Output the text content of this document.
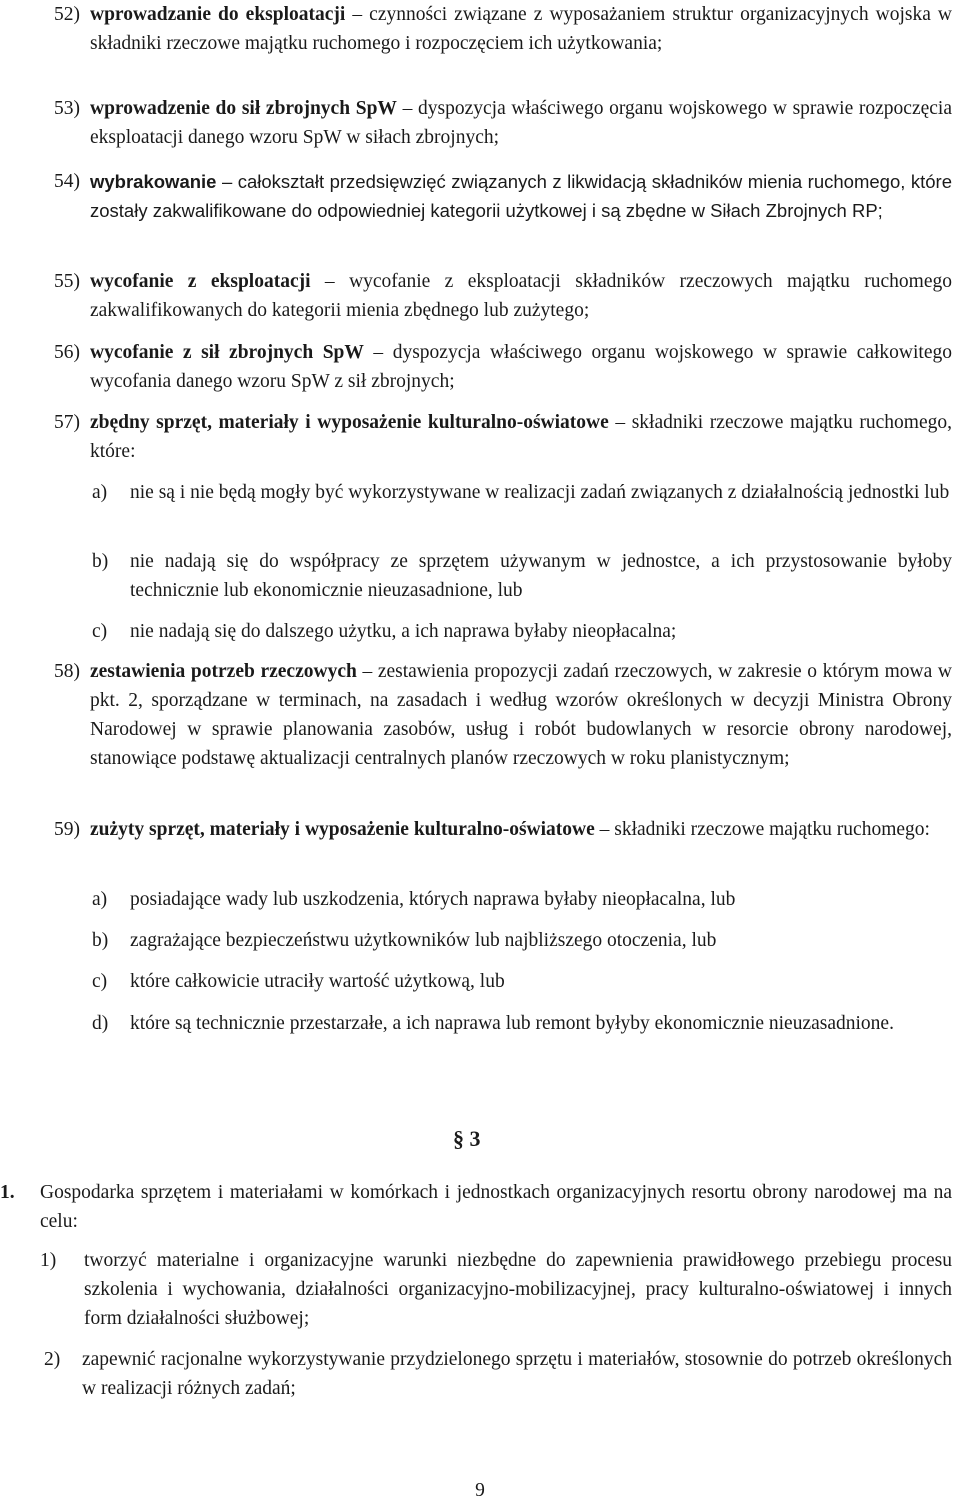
52) wprowadzanie do eksploatacji – czynności związane z wyposażaniem struktur organizacyjnych wojska w składniki rzeczowe majątku ruchomego i rozpoczęciem ich użytkowania;
53) wprowadzenie do sił zbrojnych SpW – dyspozycja właściwego organu wojskowego w sprawie rozpoczęcia eksploatacji danego wzoru SpW w siłach zbrojnych;
54) wybrakowanie – całokształt przedsięwzięć związanych z likwidacją składników mienia ruchomego, które zostały zakwalifikowane do odpowiedniej kategorii użytkowej i są zbędne w Siłach Zbrojnych RP;
55) wycofanie z eksploatacji – wycofanie z eksploatacji składników rzeczowych majątku ruchomego zakwalifikowanych do kategorii mienia zbędnego lub zużytego;
56) wycofanie z sił zbrojnych SpW – dyspozycja właściwego organu wojskowego w sprawie całkowitego wycofania danego wzoru SpW z sił zbrojnych;
57) zbędny sprzęt, materiały i wyposażenie kulturalno-oświatowe – składniki rzeczowe majątku ruchomego, które:
a) nie są i nie będą mogły być wykorzystywane w realizacji zadań związanych z działalnością jednostki lub
b) nie nadają się do współpracy ze sprzętem używanym w jednostce, a ich przystosowanie byłoby technicznie lub ekonomicznie nieuzasadnione, lub
c) nie nadają się do dalszego użytku, a ich naprawa byłaby nieopłacalna;
58) zestawienia potrzeb rzeczowych – zestawienia propozycji zadań rzeczowych, w zakresie o którym mowa w pkt. 2, sporządzane w terminach, na zasadach i według wzorów określonych w decyzji Ministra Obrony Narodowej w sprawie planowania zasobów, usług i robót budowlanych w resorcie obrony narodowej, stanowiące podstawę aktualizacji centralnych planów rzeczowych w roku planistycznym;
59) zużyty sprzęt, materiały i wyposażenie kulturalno-oświatowe – składniki rzeczowe majątku ruchomego:
a) posiadające wady lub uszkodzenia, których naprawa byłaby nieopłacalna, lub
b) zagrażające bezpieczeństwu użytkowników lub najbliższego otoczenia, lub
c) które całkowicie utraciły wartość użytkową, lub
d) które są technicznie przestarzałe, a ich naprawa lub remont byłyby ekonomicznie nieuzasadnione.
§ 3
1. Gospodarka sprzętem i materiałami w komórkach i jednostkach organizacyjnych resortu obrony narodowej ma na celu:
1) tworzyć materialne i organizacyjne warunki niezbędne do zapewnienia prawidłowego przebiegu procesu szkolenia i wychowania, działalności organizacyjno-mobilizacyjnej, pracy kulturalno-oświatowej i innych form działalności służbowej;
2) zapewnić racjonalne wykorzystywanie przydzielonego sprzętu i materiałów, stosownie do potrzeb określonych w realizacji różnych zadań;
9
